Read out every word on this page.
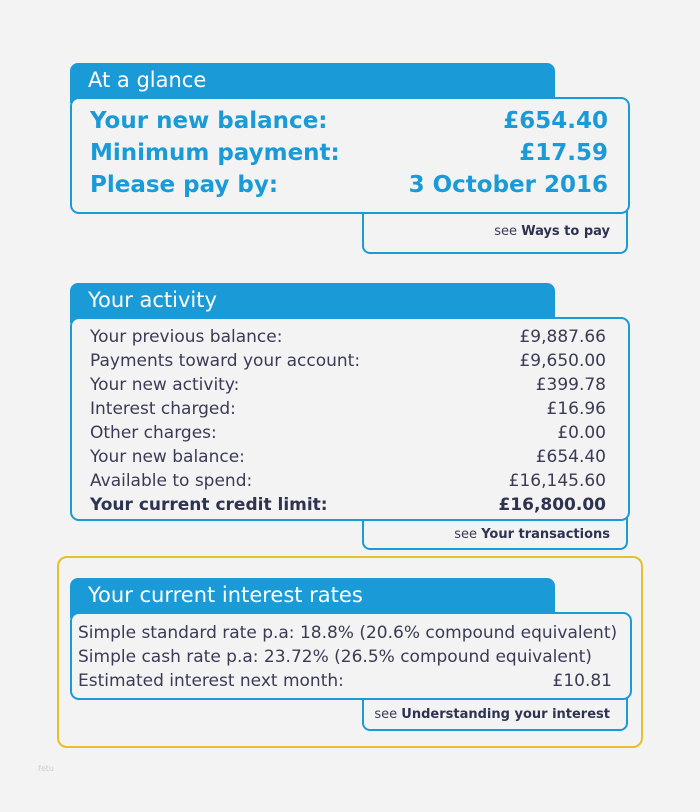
At a glance
Your new balance:	£654.40
Minimum payment:	£17.59
Please pay by:	3 October 2016
see Ways to pay
Your activity
Your previous balance:	£9,887.66
Payments toward your account:	£9,650.00
Your new activity:	£399.78
Interest charged:	£16.96
Other charges:	£0.00
Your new balance:	£654.40
Available to spend:	£16,145.60
Your current credit limit:	£16,800.00
see Your transactions
Your current interest rates
Simple standard rate p.a: 18.8% (20.6% compound equivalent)
Simple cash rate p.a: 23.72% (26.5% compound equivalent)
Estimated interest next month:	£10.81
see Understanding your interest
fetu
